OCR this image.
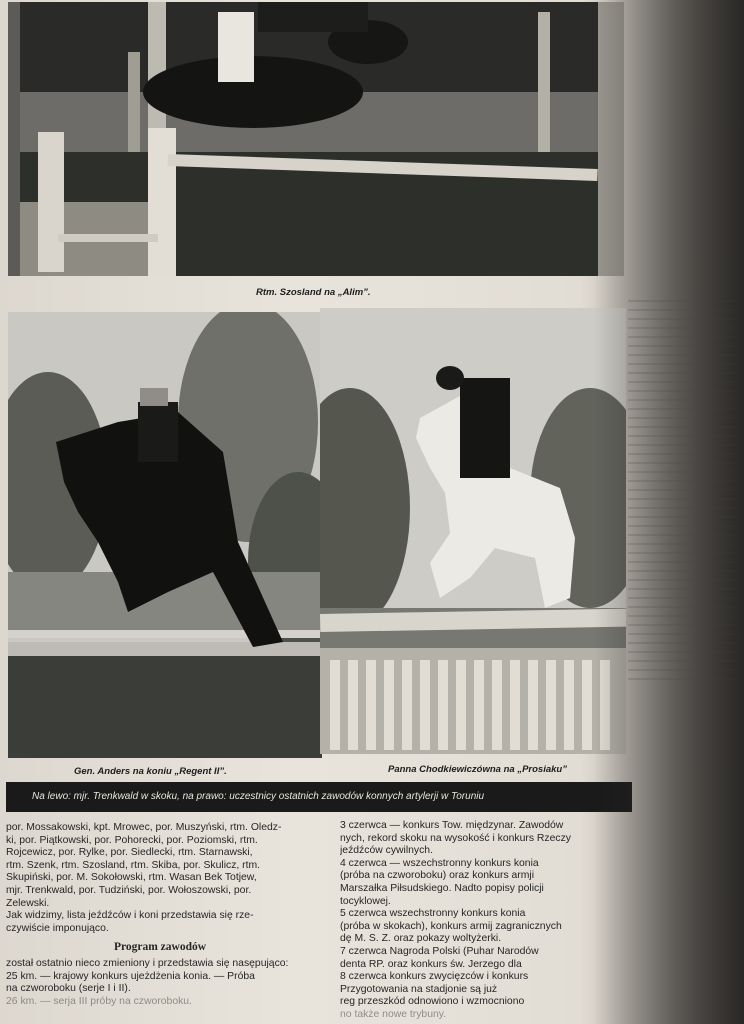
Rtm. Szosland na „Alim”.
Gen. Anders na koniu „Regent II”.	Panna Chodkiewiczówna na „Prosiaku”
Na lewo: mjr. Trenkwald w skoku, na prawo: uczestnicy ostatnich zawodów konnych artylerji w Toruniu
por. Mossakowski, kpt. Mrowec, por. Muszyński, rtm. Oledz-
ki, por. Piątkowski, por. Pohorecki, por. Poziomski, rtm.
Rojcewicz, por. Rylke, por. Siedlecki, rtm. Starnawski,
rtm. Szenk, rtm. Szosland, rtm. Skiba, por. Skulicz, rtm.
Skupiński, por. M. Sokołowski, rtm. Wasan Bek Totjew,
mjr. Trenkwald, por. Tudziński, por. Wołoszowski, por.
Zelewski.
Jak widzimy, lista jeźdźców i koni przedstawia się rze-
czywiście imponująco.
Program zawodów
został ostatnio nieco zmieniony i przedstawia się nasępująco:
25 km. — krajowy konkurs ujeżdżenia konia. — Próba
na czworoboku (serje I i II).
26 km. — serja III próby na czworoboku.
3 czerwca — konkurs Tow. międzynar. Zawodów
nych, rekord skoku na wysokość i konkurs Rzeczy
jeźdźców cywilnych.
4 czerwca — wszechstronny konkurs konia
(próba na czworoboku) oraz konkurs armji
Marszałka Piłsudskiego. Nadto popisy policji
tocyklowej.
5 czerwca wszechstronny konkurs konia
(próba w skokach), konkurs armij zagranicznych
dę M. S. Z. oraz pokazy woltyżerki.
7 czerwca Nagroda Polski (Puhar Narodów
denta RP. oraz konkurs św. Jerzego dla
8 czerwca konkurs zwycięzców i konkurs
Przygotowania na stadjonie są już
reg przeszkód odnowiono i wzmocniono
no także nowe trybuny.
